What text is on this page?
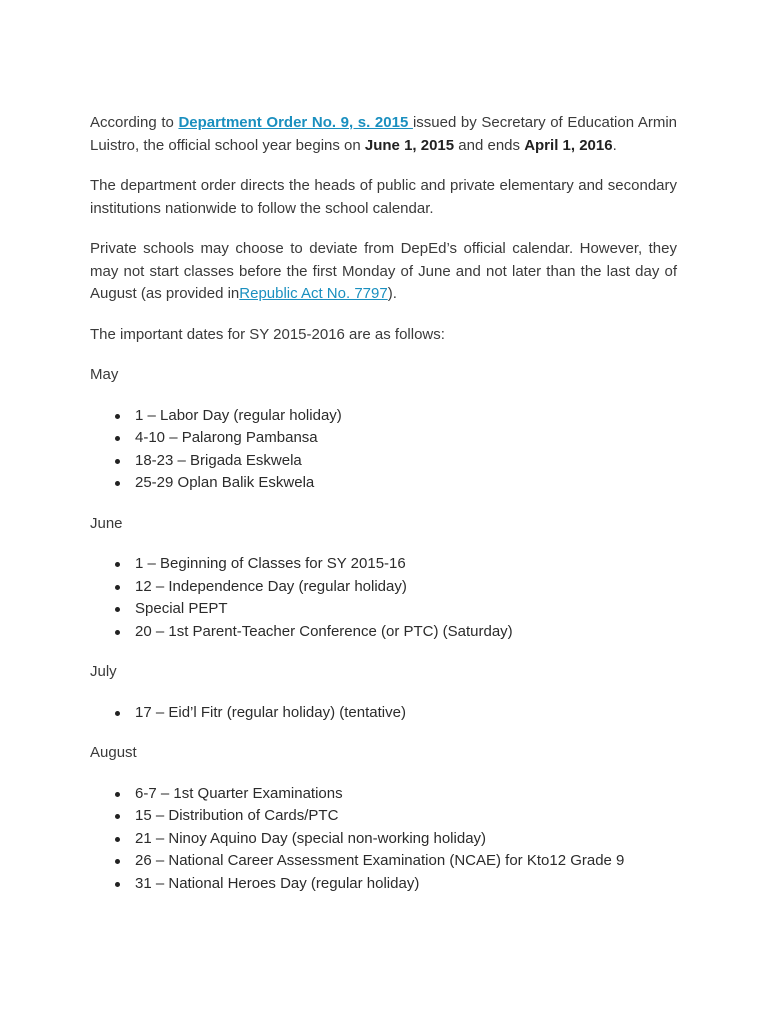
According to Department Order No. 9, s. 2015 issued by Secretary of Education Armin Luistro, the official school year begins on June 1, 2015 and ends April 1, 2016.

The department order directs the heads of public and private elementary and secondary institutions nationwide to follow the school calendar.

Private schools may choose to deviate from DepEd’s official calendar. However, they may not start classes before the first Monday of June and not later than the last day of August (as provided inRepublic Act No. 7797).

The important dates for SY 2015-2016 are as follows:

May
1 – Labor Day (regular holiday)
4-10 – Palarong Pambansa
18-23 – Brigada Eskwela
25-29 Oplan Balik Eskwela
June
1 – Beginning of Classes for SY 2015-16
12 – Independence Day (regular holiday)
Special PEPT
20 – 1st Parent-Teacher Conference (or PTC) (Saturday)
July
17 – Eid’l Fitr (regular holiday) (tentative)
August
6-7 – 1st Quarter Examinations
15 – Distribution of Cards/PTC
21 – Ninoy Aquino Day (special non-working holiday)
26 – National Career Assessment Examination (NCAE) for Kto12 Grade 9
31 – National Heroes Day (regular holiday)
